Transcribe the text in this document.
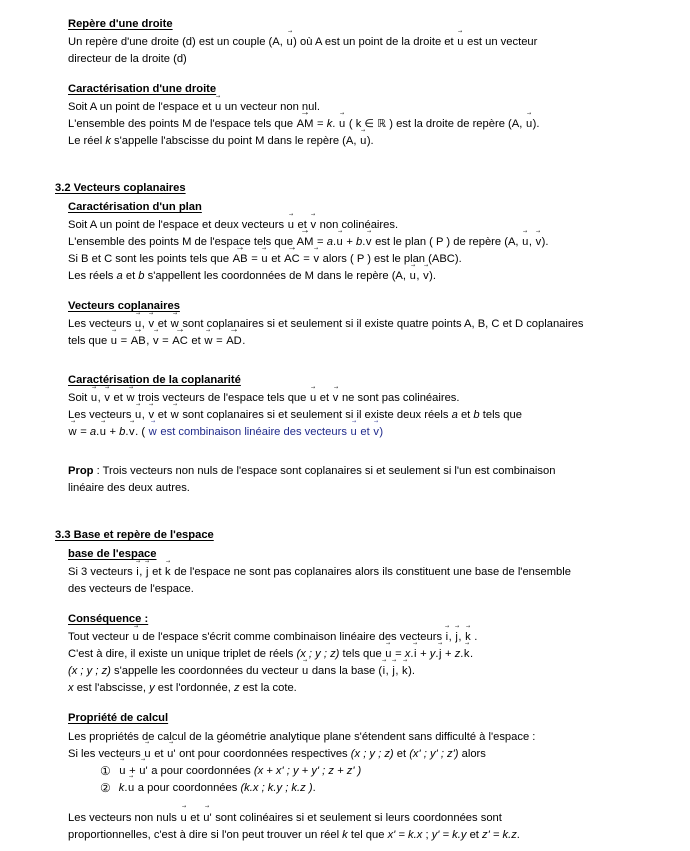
Repère d'une droite

Un repère d'une droite (d) est un couple (A, → u) où A est un point de la droite et → u est un vecteur

directeur de la droite (d)

Caractérisation d'une droite

Soit A un point de l'espace et → u un vecteur non nul.

L'ensemble des points M de l'espace tels que → AM = k. → u ( k ∈ ℝ ) est la droite de repère (A, → u).

Le réel k s'appelle l'abscisse du point M dans le repère (A, → u).

3.2 Vecteurs coplanaires

Caractérisation d'un plan

Soit A un point de l'espace et deux vecteurs → u et → v non colinéaires.

L'ensemble des points M de l'espace tels que → AM = a.→ u + b.→ v est le plan ( P ) de repère (A, → u, → v).

Si B et C sont les points tels que → AB = → u et → AC = → v alors ( P ) est le plan (ABC).

Les réels a et b s'appellent les coordonnées de M dans le repère (A, → u, → v).

Vecteurs coplanaires

Les vecteurs → u, → v et → w sont coplanaires si et seulement si il existe quatre points A, B, C et D coplanaires

tels que → u = → AB, → v = → AC et → w = → AD.

Caractérisation de la coplanarité

Soit → u, → v et → w trois vecteurs de l'espace tels que → u et → v ne sont pas colinéaires.

Les vecteurs → u, → v et → w sont coplanaires si et seulement si il existe deux réels a et b tels que

→ w = a.→ u + b.→ v. ( → w est combinaison linéaire des vecteurs → u et → v)

Prop : Trois vecteurs non nuls de l'espace sont coplanaires si et seulement si l'un est combinaison

linéaire des deux autres.

3.3 Base et repère de l'espace

base de l'espace

Si 3 vecteurs → i, → j et → k de l'espace ne sont pas coplanaires alors ils constituent une base de l'ensemble

des vecteurs de l'espace.

Conséquence :

Tout vecteur → u de l'espace s'écrit comme combinaison linéaire des vecteurs → i, → j, → k .

C'est à dire, il existe un unique triplet de réels (x ; y ; z) tels que → u = x.→ i + y.→ j + z.→ k.

(x ; y ; z) s'appelle les coordonnées du vecteur → u dans la base (→ i, → j, → k).

x est l'abscisse, y est l'ordonnée, z est la cote.

Propriété de calcul

Les propriétés de calcul de la géométrie analytique plane s'étendent sans difficulté à l'espace :

Si les vecteurs → u et → u' ont pour coordonnées respectives (x ; y ; z) et (x' ; y' ; z') alors

① → u + → u' a pour coordonnées (x + x' ; y + y' ; z + z' )

② k.→ u a pour coordonnées (k.x ; k.y ; k.z ).

Les vecteurs non nuls → u et → u' sont colinéaires si et seulement si leurs coordonnées sont

proportionnelles, c'est à dire si l'on peut trouver un réel k tel que x' = k.x ; y' = k.y et z' = k.z.
